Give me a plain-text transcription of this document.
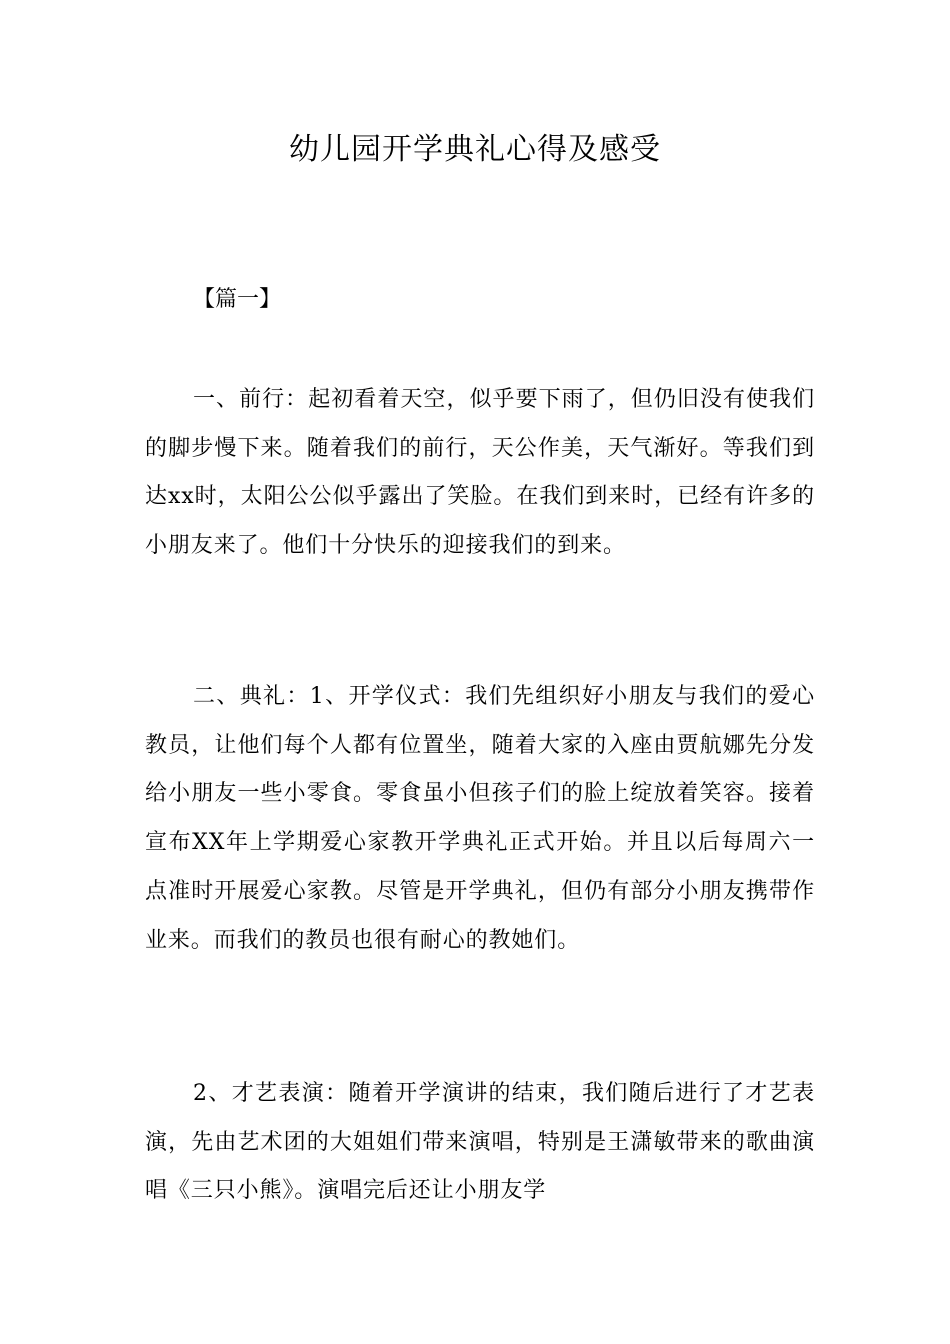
幼儿园开学典礼心得及感受

【篇一】

一、前行：起初看着天空，似乎要下雨了，但仍旧没有使我们的脚步慢下来。随着我们的前行，天公作美，天气渐好。等我们到达xx时，太阳公公似乎露出了笑脸。在我们到来时，已经有许多的小朋友来了。他们十分快乐的迎接我们的到来。

二、典礼：1、开学仪式：我们先组织好小朋友与我们的爱心教员，让他们每个人都有位置坐，随着大家的入座由贾航娜先分发给小朋友一些小零食。零食虽小但孩子们的脸上绽放着笑容。接着宣布XX年上学期爱心家教开学典礼正式开始。并且以后每周六一点准时开展爱心家教。尽管是开学典礼，但仍有部分小朋友携带作业来。而我们的教员也很有耐心的教她们。

2、才艺表演：随着开学演讲的结束，我们随后进行了才艺表演，先由艺术团的大姐姐们带来演唱，特别是王潇敏带来的歌曲演唱《三只小熊》。演唱完后还让小朋友学
